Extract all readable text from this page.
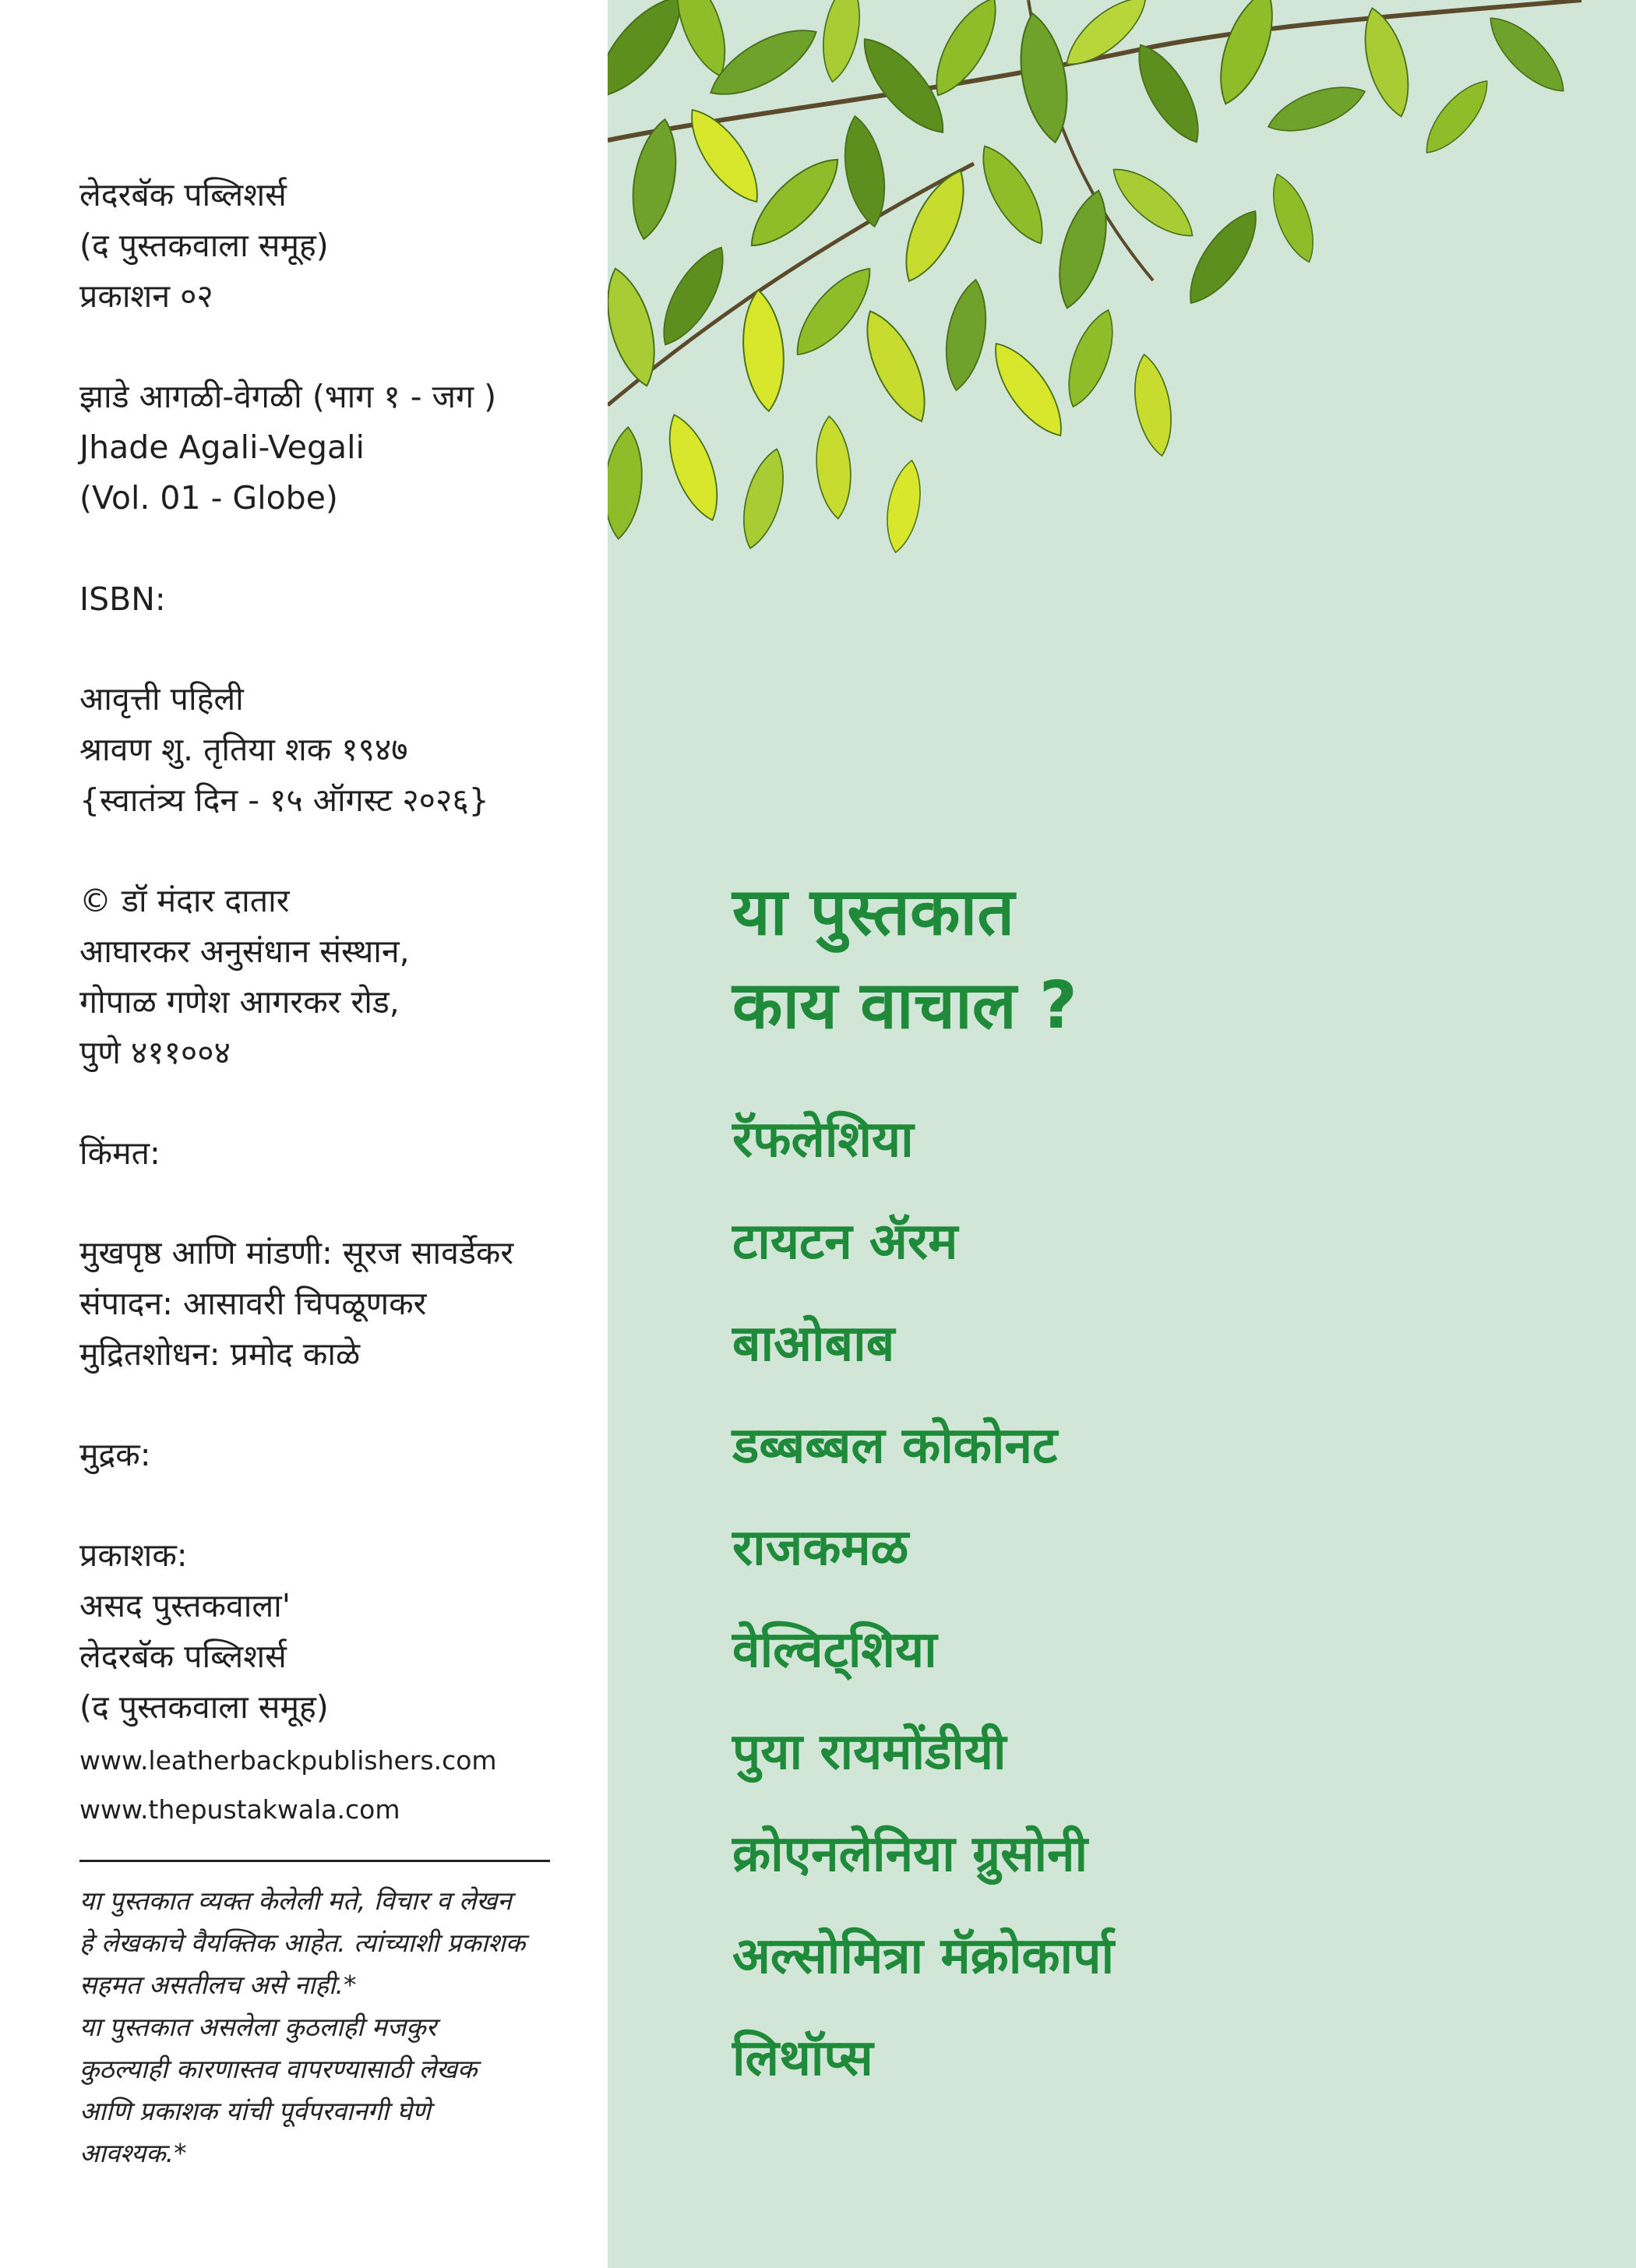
लेदरबॅक पब्लिशर्स
(द पुस्तकवाला समूह)
प्रकाशन ०२
झाडे आगळी-वेगळी (भाग १ - जग )
Jhade Agali-Vegali
(Vol. 01 - Globe)
ISBN:
आवृत्ती पहिली
श्रावण शु. तृतिया शक १९४७
{स्वातंत्र्य दिन - १५ ऑगस्ट २०२६}
© डॉ मंदार दातार
आघारकर अनुसंधान संस्थान,
गोपाळ गणेश आगरकर रोड,
पुणे ४११००४
किंमत:
मुखपृष्ठ आणि मांडणी: सूरज सावर्डेकर
संपादन: आसावरी चिपळूणकर
मुद्रितशोधन: प्रमोद काळे
मुद्रक:
प्रकाशक:
असद पुस्तकवाला'
लेदरबॅक पब्लिशर्स
(द पुस्तकवाला समूह)
www.leatherbackpublishers.com
www.thepustakwala.com
या पुस्तकात व्यक्त केलेली मते, विचार व लेखन
हे लेखकाचे वैयक्तिक आहेत. त्यांच्याशी प्रकाशक
सहमत असतीलच असे नाही.*
या पुस्तकात असलेला कुठलाही मजकुर
कुठल्याही कारणास्तव वापरण्यासाठी लेखक
आणि प्रकाशक यांची पूर्वपरवानगी घेणे
आवश्यक.*
या पुस्तकात
काय वाचाल ?
रॅफलेशिया
टायटन ॲरम
बाओबाब
डब्बब्बल कोकोनट
राजकमळ
वेल्विट्शिया
पुया रायमोंडीयी
क्रोएनलेनिया ग्रुसोनी
अल्सोमित्रा मॅक्रोकार्पा
लिथॉप्स
